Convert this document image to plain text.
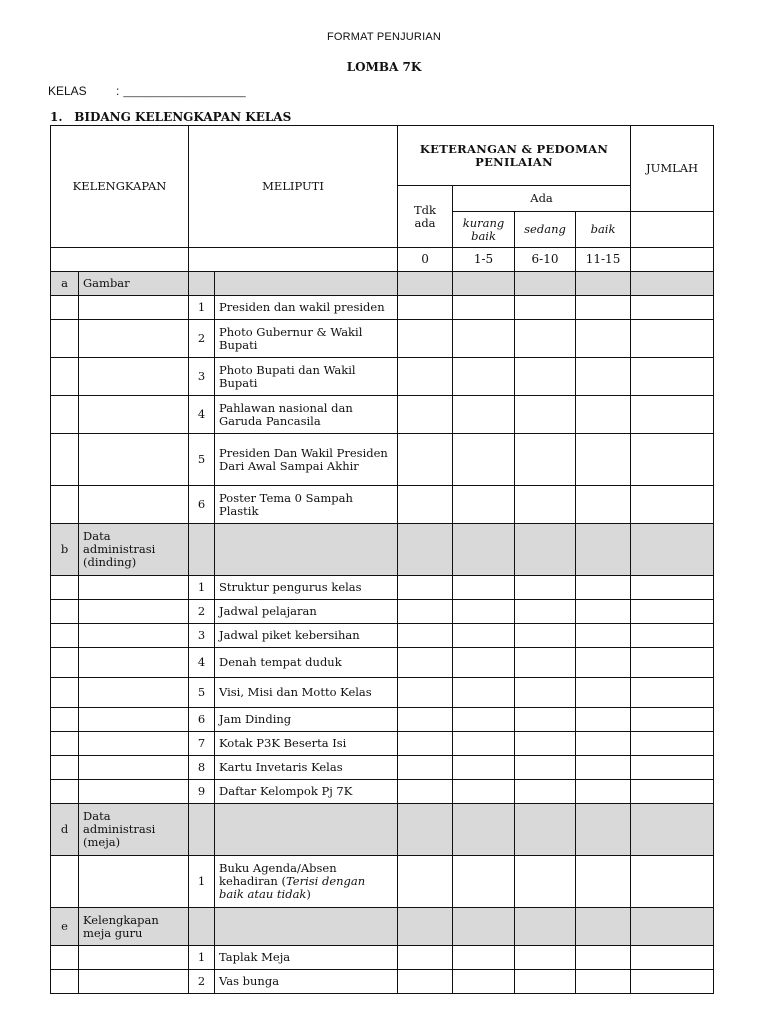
FORMAT PENJURIAN
LOMBA 7K
KELAS	: ______________________
1. BIDANG KELENGKAPAN KELAS
KELENGKAPAN		MELIPUTI		KETERANGAN & PEDOMAN PENILAIAN				JUMLAH
				Tdk ada	Ada			
					kurang baik	sedang	baik	
				0	1-5	6-10	11-15	
a	Gambar							
		1	Presiden dan wakil presiden					
		2	Photo Gubernur & Wakil Bupati					
		3	Photo Bupati dan Wakil Bupati					
		4	Pahlawan nasional dan Garuda Pancasila					
		5	Presiden Dan Wakil Presiden Dari Awal Sampai Akhir					
		6	Poster Tema 0 Sampah Plastik					
b	Data administrasi (dinding)							
		1	Struktur pengurus kelas					
		2	Jadwal pelajaran					
		3	Jadwal piket kebersihan					
		4	Denah tempat duduk					
		5	Visi, Misi dan Motto Kelas					
		6	Jam Dinding					
		7	Kotak P3K Beserta Isi					
		8	Kartu Invetaris Kelas					
		9	Daftar Kelompok Pj 7K					
d	Data administrasi (meja)							
		1	Buku Agenda/Absen kehadiran (Terisi dengan baik atau tidak)					
e	Kelengkapan meja guru							
		1	Taplak Meja					
		2	Vas bunga					
